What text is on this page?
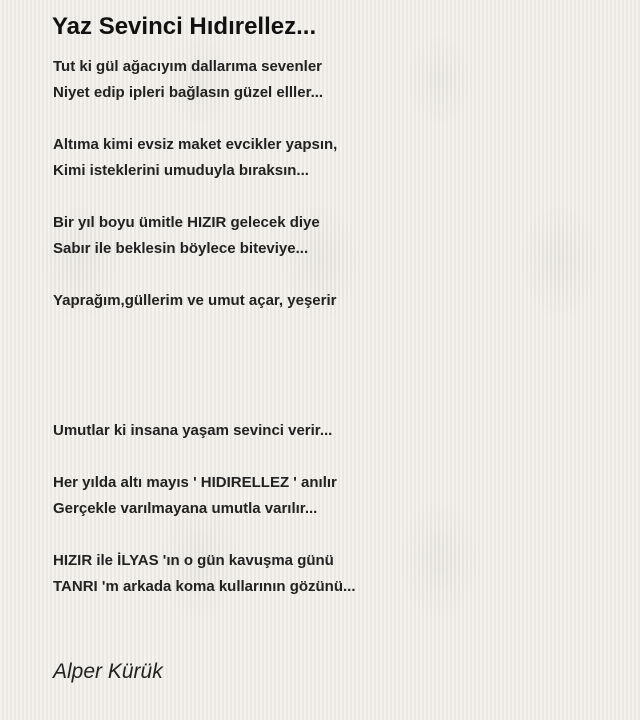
Yaz Sevinci Hıdırellez...
Tut ki gül ağacıyım dallarıma sevenler
Niyet edip ipleri bağlasın güzel elller...
Altıma kimi evsiz maket evcikler yapsın,
Kimi isteklerini umuduyla bıraksın...
Bir yıl boyu ümitle HIZIR gelecek diye
Sabır ile beklesin böylece biteviye...
Yaprağım,güllerim ve umut açar, yeşerir
Umutlar ki insana yaşam sevinci verir...
Her yılda altı mayıs ' HIDIRELLEZ ' anılır
Gerçekle varılmayana umutla varılır...
HIZIR ile İLYAS 'ın o gün kavuşma günü
TANRI 'm arkada koma kullarının gözünü...
Alper Kürük
